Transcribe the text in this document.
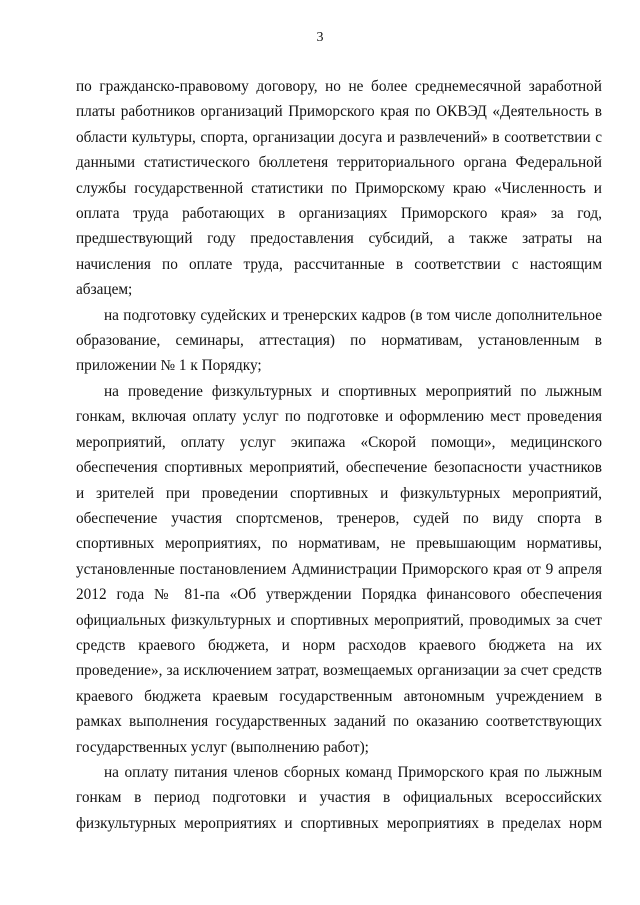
3

по гражданско-правовому договору, но не более среднемесячной заработной
платы работников организаций Приморского края по ОКВЭД «Деятельность в
области культуры, спорта, организации досуга и развлечений» в соответствии с
данными статистического бюллетеня территориального органа Федеральной
службы государственной статистики по Приморскому краю «Численность и
оплата труда работающих в организациях Приморского края» за год,
предшествующий году предоставления субсидий, а также затраты на
начисления по оплате труда, рассчитанные в соответствии с настоящим
абзацем;

на подготовку судейских и тренерских кадров (в том числе дополнительное
образование, семинары, аттестация) по нормативам, установленным в
приложении № 1 к Порядку;

на проведение физкультурных и спортивных мероприятий по лыжным
гонкам, включая оплату услуг по подготовке и оформлению мест проведения
мероприятий, оплату услуг экипажа «Скорой помощи», медицинского
обеспечения спортивных мероприятий, обеспечение безопасности участников
и зрителей при проведении спортивных и физкультурных мероприятий,
обеспечение участия спортсменов, тренеров, судей по виду спорта в
спортивных мероприятиях, по нормативам, не превышающим нормативы,
установленные постановлением Администрации Приморского края от 9 апреля
2012 года № 81-па «Об утверждении Порядка финансового обеспечения
официальных физкультурных и спортивных мероприятий, проводимых за счет
средств краевого бюджета, и норм расходов краевого бюджета на их
проведение», за исключением затрат, возмещаемых организации за счет средств
краевого бюджета краевым государственным автономным учреждением в
рамках выполнения государственных заданий по оказанию соответствующих
государственных услуг (выполнению работ);

на оплату питания членов сборных команд Приморского края по лыжным
гонкам в период подготовки и участия в официальных всероссийских
физкультурных мероприятиях и спортивных мероприятиях в пределах норм
